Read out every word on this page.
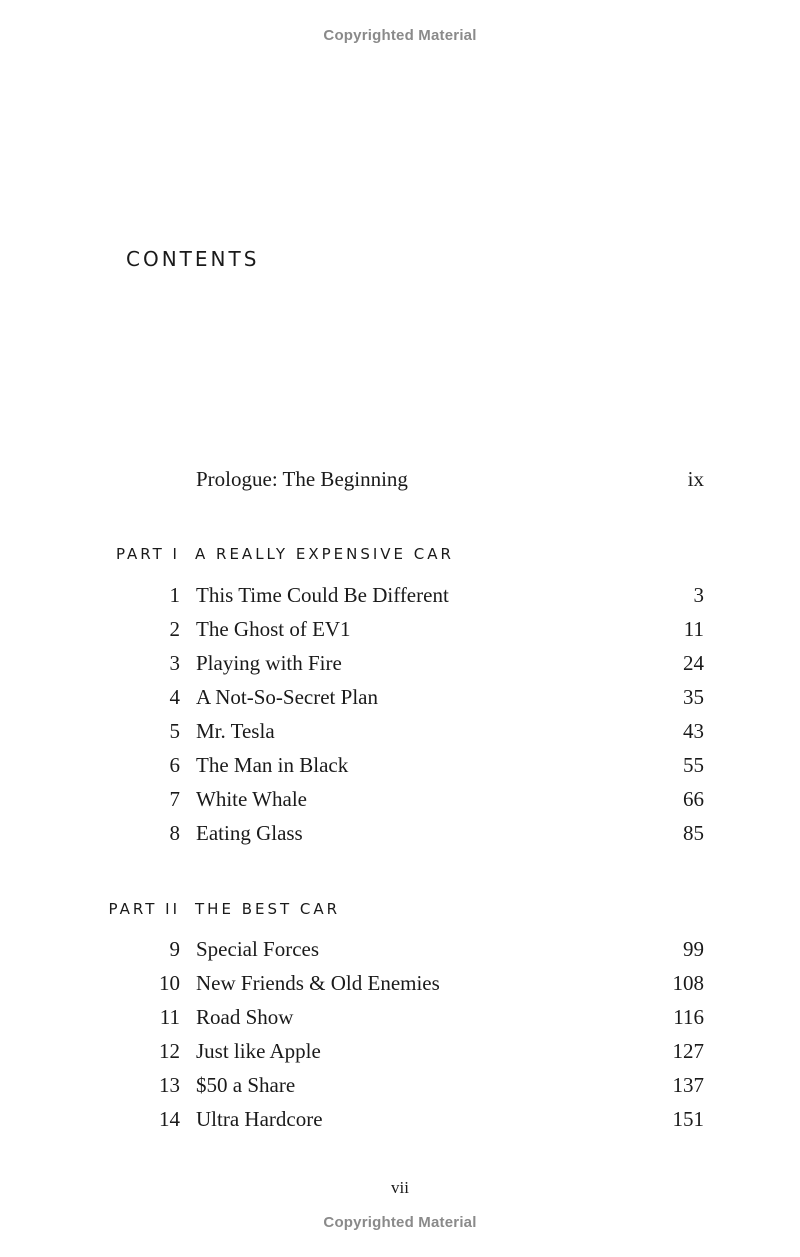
Copyrighted Material
CONTENTS
Prologue: The Beginning	ix
PART I A REALLY EXPENSIVE CAR
1 This Time Could Be Different	3
2 The Ghost of EV1	11
3 Playing with Fire	24
4 A Not-So-Secret Plan	35
5 Mr. Tesla	43
6 The Man in Black	55
7 White Whale	66
8 Eating Glass	85
PART II THE BEST CAR
9 Special Forces	99
10 New Friends & Old Enemies	108
11 Road Show	116
12 Just like Apple	127
13 $50 a Share	137
14 Ultra Hardcore	151
vii
Copyrighted Material
